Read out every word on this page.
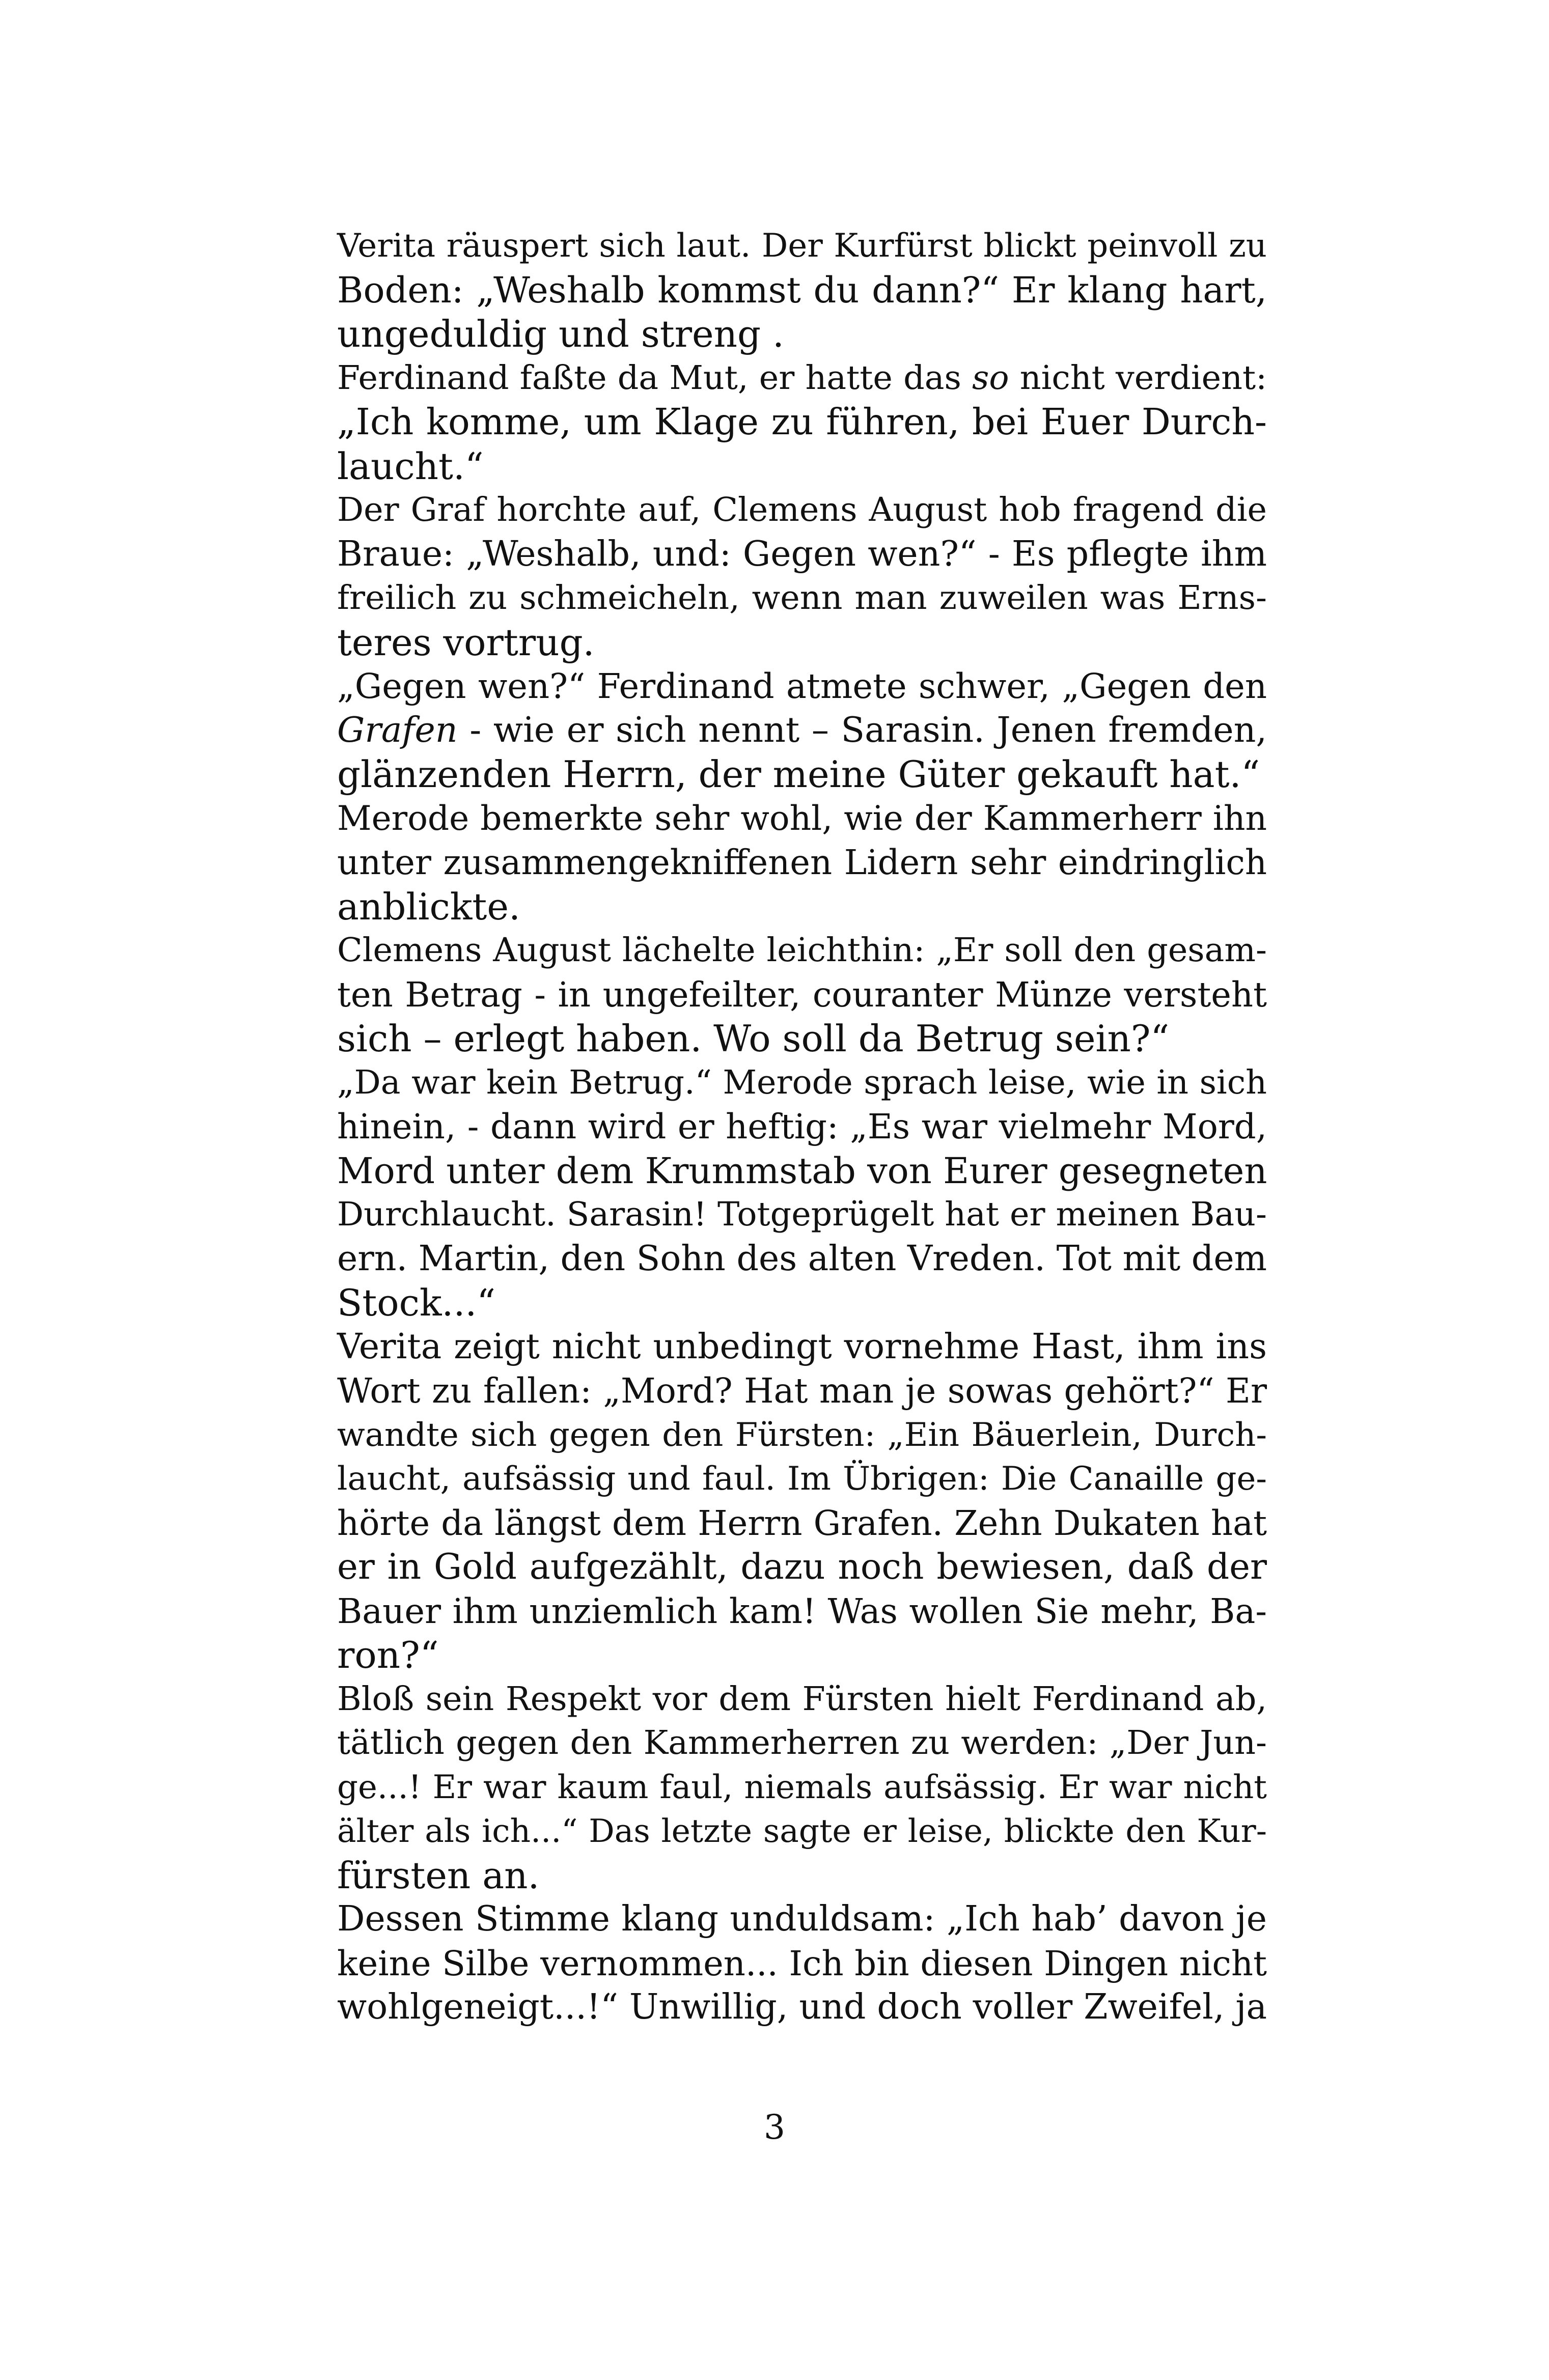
Verita räuspert sich laut. Der Kurfürst blickt peinvoll zu
Boden: „Weshalb kommst du dann?“ Er klang hart,
ungeduldig und streng .
Ferdinand faßte da Mut, er hatte das so nicht verdient:
„Ich komme, um Klage zu führen, bei Euer Durch-
laucht.“
Der Graf horchte auf, Clemens August hob fragend die
Braue: „Weshalb, und: Gegen wen?“ - Es pflegte ihm
freilich zu schmeicheln, wenn man zuweilen was Erns-
teres vortrug.
„Gegen wen?“ Ferdinand atmete schwer, „Gegen den
Grafen - wie er sich nennt – Sarasin. Jenen fremden,
glänzenden Herrn, der meine Güter gekauft hat.“
Merode bemerkte sehr wohl, wie der Kammerherr ihn
unter zusammengekniffenen Lidern sehr eindringlich
anblickte.
Clemens August lächelte leichthin: „Er soll den gesam-
ten Betrag - in ungefeilter, couranter Münze versteht
sich – erlegt haben. Wo soll da Betrug sein?“
„Da war kein Betrug.“ Merode sprach leise, wie in sich
hinein, - dann wird er heftig: „Es war vielmehr Mord,
Mord unter dem Krummstab von Eurer gesegneten
Durchlaucht. Sarasin! Totgeprügelt hat er meinen Bau-
ern. Martin, den Sohn des alten Vreden. Tot mit dem
Stock...“
Verita zeigt nicht unbedingt vornehme Hast, ihm ins
Wort zu fallen: „Mord? Hat man je sowas gehört?“ Er
wandte sich gegen den Fürsten: „Ein Bäuerlein, Durch-
laucht, aufsässig und faul. Im Übrigen: Die Canaille ge-
hörte da längst dem Herrn Grafen. Zehn Dukaten hat
er in Gold aufgezählt, dazu noch bewiesen, daß der
Bauer ihm unziemlich kam! Was wollen Sie mehr, Ba-
ron?“
Bloß sein Respekt vor dem Fürsten hielt Ferdinand ab,
tätlich gegen den Kammerherren zu werden: „Der Jun-
ge...! Er war kaum faul, niemals aufsässig. Er war nicht
älter als ich...“ Das letzte sagte er leise, blickte den Kur-
fürsten an.
Dessen Stimme klang unduldsam: „Ich hab’ davon je
keine Silbe vernommen... Ich bin diesen Dingen nicht
wohlgeneigt...!“ Unwillig, und doch voller Zweifel, ja
3
